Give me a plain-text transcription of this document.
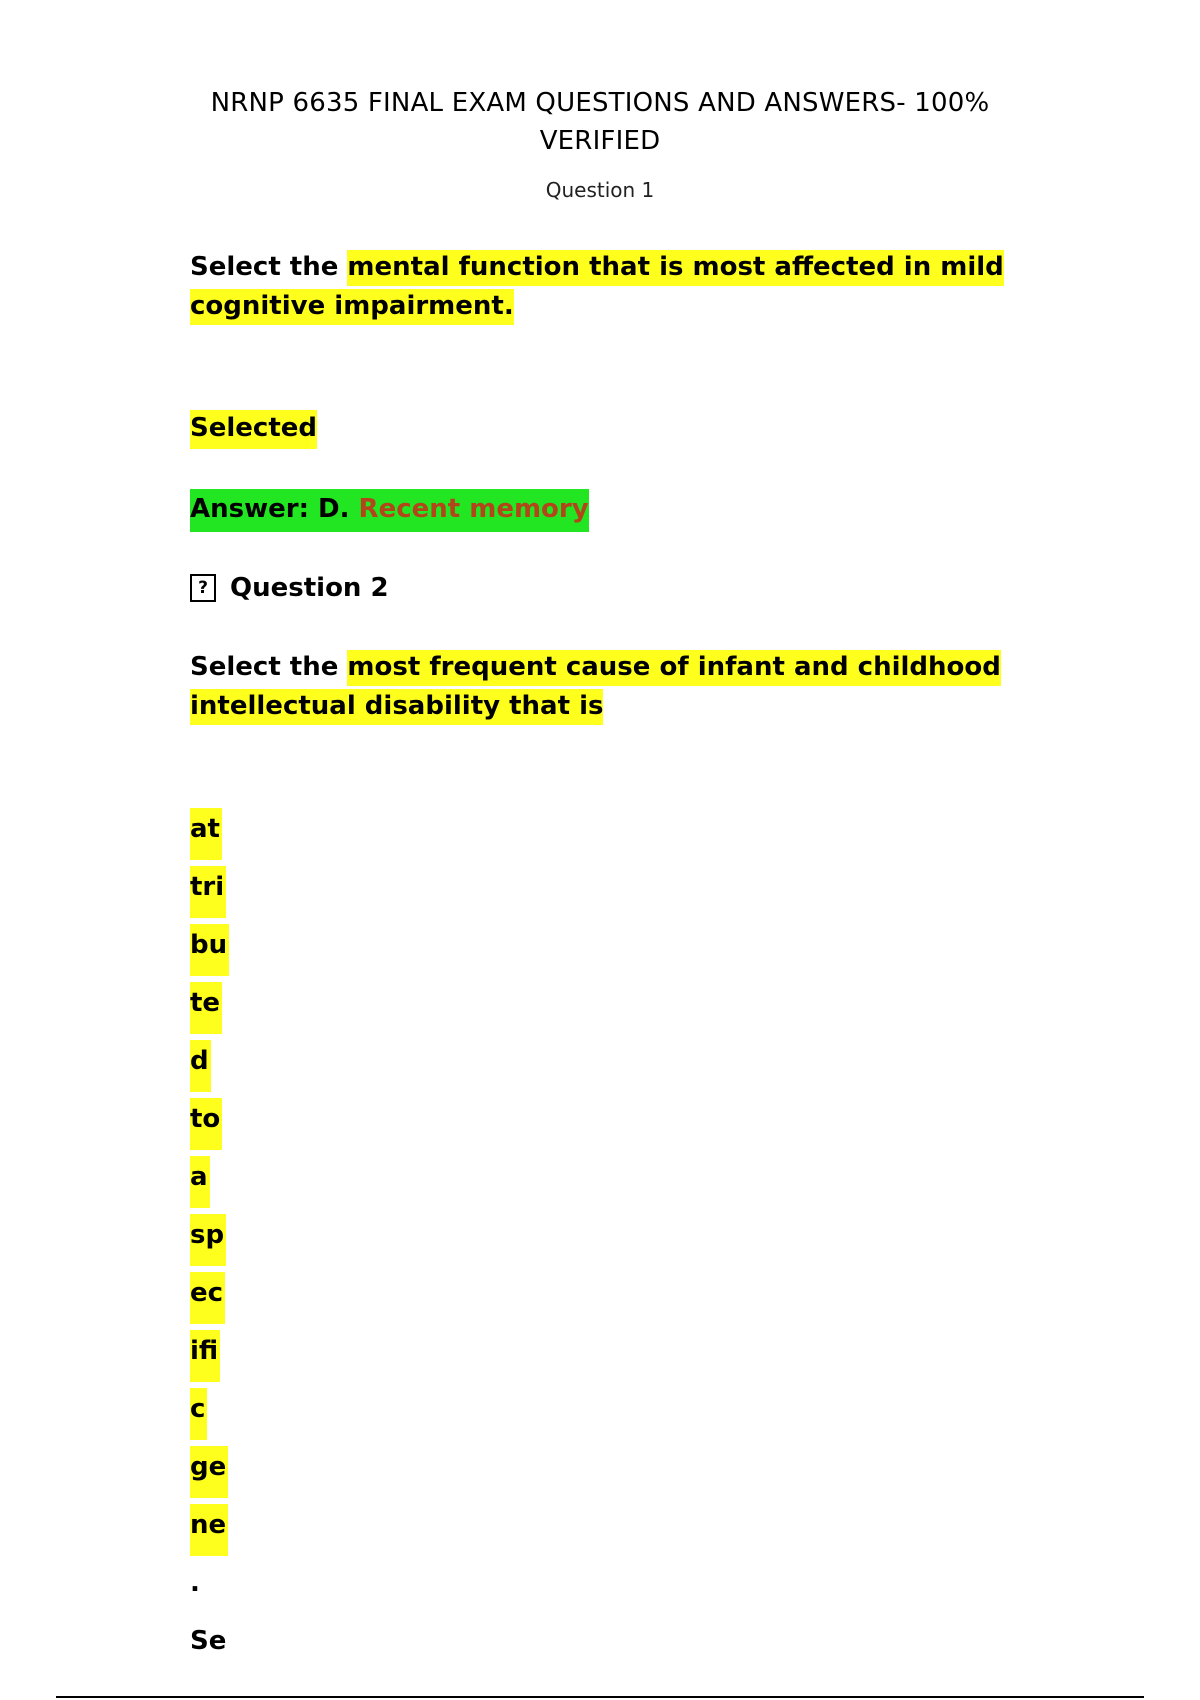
NRNP 6635 FINAL EXAM QUESTIONS AND ANSWERS- 100% VERIFIED
Question 1
Select the mental function that is most affected in mild cognitive impairment.
Selected
Answer: D. Recent memory
? Question 2
Select the most frequent cause of infant and childhood intellectual disability that is
at
tri
bu
te
d
to
a
sp
ec
ifi
c
ge
ne
.
Se
